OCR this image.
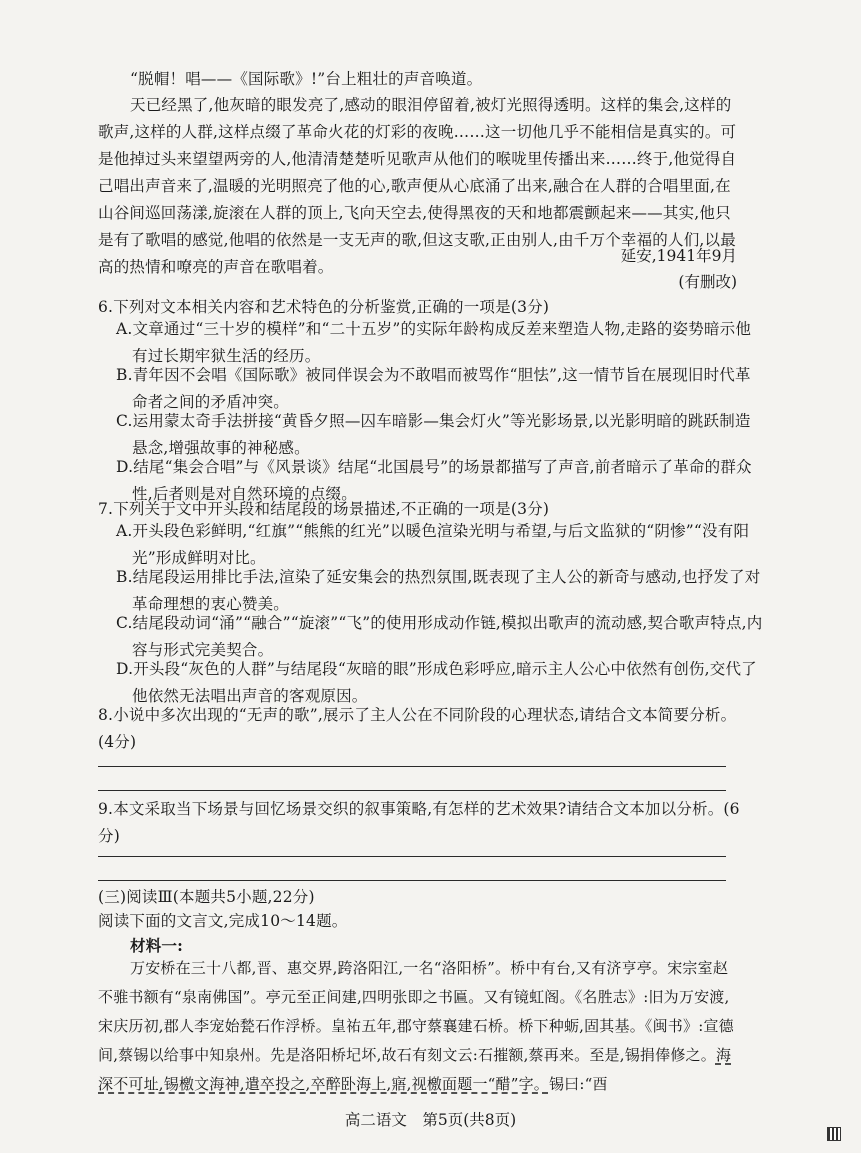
“脱帽！唱——《国际歌》!”台上粗壮的声音唤道。
天已经黑了,他灰暗的眼发亮了,感动的眼泪停留着,被灯光照得透明。这样的集会,这样的歌声,这样的人群,这样点缀了革命火花的灯彩的夜晚……这一切他几乎不能相信是真实的。可是他掉过头来望望两旁的人,他清清楚楚听见歌声从他们的喉咙里传播出来……终于,他觉得自己唱出声音来了,温暖的光明照亮了他的心,歌声便从心底涌了出来,融合在人群的合唱里面,在山谷间巡回荡漾,旋滚在人群的顶上,飞向天空去,使得黑夜的天和地都震颤起来——其实,他只是有了歌唱的感觉,他唱的依然是一支无声的歌,但这支歌,正由别人,由千万个幸福的人们,以最高的热情和嘹亮的声音在歌唱着。
延安,1941年9月
(有删改)
6.下列对文本相关内容和艺术特色的分析鉴赏,正确的一项是(3分)
A.文章通过“三十岁的模样”和“二十五岁”的实际年龄构成反差来塑造人物,走路的姿势暗示他有过长期牢狱生活的经历。
B.青年因不会唱《国际歌》被同伴误会为不敢唱而被骂作“胆怯”,这一情节旨在展现旧时代革命者之间的矛盾冲突。
C.运用蒙太奇手法拼接“黄昏夕照—囚车暗影—集会灯火”等光影场景,以光影明暗的跳跃制造悬念,增强故事的神秘感。
D.结尾“集会合唱”与《风景谈》结尾“北国晨号”的场景都描写了声音,前者暗示了革命的群众性,后者则是对自然环境的点缀。
7.下列关于文中开头段和结尾段的场景描述,不正确的一项是(3分)
A.开头段色彩鲜明,“红旗”“熊熊的红光”以暖色渲染光明与希望,与后文监狱的“阴惨”“没有阳光”形成鲜明对比。
B.结尾段运用排比手法,渲染了延安集会的热烈氛围,既表现了主人公的新奇与感动,也抒发了对革命理想的衷心赞美。
C.结尾段动词“涌”“融合”“旋滚”“飞”的使用形成动作链,模拟出歌声的流动感,契合歌声特点,内容与形式完美契合。
D.开头段“灰色的人群”与结尾段“灰暗的眼”形成色彩呼应,暗示主人公心中依然有创伤,交代了他依然无法唱出声音的客观原因。
8.小说中多次出现的“无声的歌”,展示了主人公在不同阶段的心理状态,请结合文本简要分析。(4分)
9.本文采取当下场景与回忆场景交织的叙事策略,有怎样的艺术效果?请结合文本加以分析。(6分)
(三)阅读Ⅲ(本题共5小题,22分)
阅读下面的文言文,完成10～14题。
材料一:
万安桥在三十八都,晋、惠交界,跨洛阳江,一名“洛阳桥”。桥中有台,又有济亨亭。宋宗室赵不骓书额有“泉南佛国”。亭元至正间建,四明张即之书匾。又有镜虹阁。《名胜志》:旧为万安渡,宋庆历初,郡人李宠始甃石作浮桥。皇祐五年,郡守蔡襄建石桥。桥下种蛎,固其基。《闽书》:宣德间,蔡锡以给事中知泉州。先是洛阳桥圮坏,故石有刻文云:石摧额,蔡再来。至是,锡捐俸修之。海深不可址,锡檄文海神,遣卒投之,卒醉卧海上,寤,视檄面题一“醋”字。锡曰:“酉
高二语文　第5页(共8页)
